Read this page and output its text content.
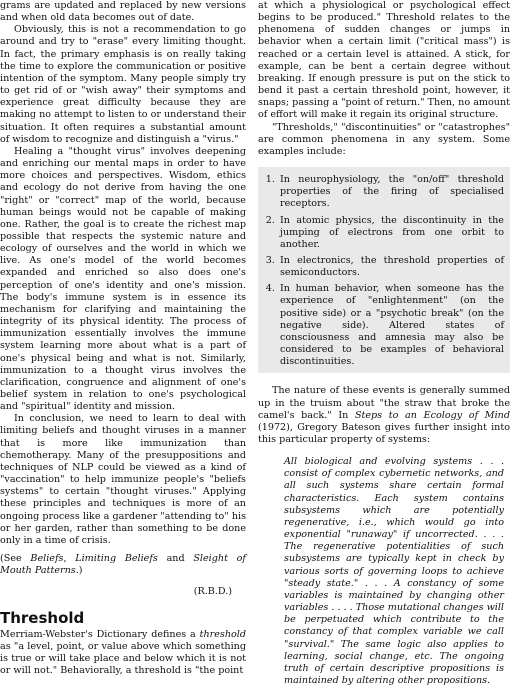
grams are updated and replaced by new versions and when old data becomes out of date.

Obviously, this is not a recommendation to go around and try to "erase" every limiting thought. In fact, the primary emphasis is on really taking the time to explore the communication or positive intention of the symptom. Many people simply try to get rid of or "wish away" their symptoms and experience great difficulty because they are making no attempt to listen to or understand their situation. It often requires a substantial amount of wisdom to recognize and distinguish a "virus."

Healing a "thought virus" involves deepening and enriching our mental maps in order to have more choices and perspectives. Wisdom, ethics and ecology do not derive from having the one "right" or "correct" map of the world, because human beings would not be capable of making one. Rather, the goal is to create the richest map possible that respects the systemic nature and ecology of ourselves and the world in which we live. As one's model of the world becomes expanded and enriched so also does one's perception of one's identity and one's mission. The body's immune system is in essence its mechanism for clarifying and maintaining the integrity of its physical identity. The process of immunization essentially involves the immune system learning more about what is a part of one's physical being and what is not. Similarly, immunization to a thought virus involves the clarification, congruence and alignment of one's belief system in relation to one's psychological and "spiritual" identity and mission.

In conclusion, we need to learn to deal with limiting beliefs and thought viruses in a manner that is more like immunization than chemotherapy. Many of the presuppositions and techniques of NLP could be viewed as a kind of "vaccination" to help immunize people's "beliefs systems" to certain "thought viruses." Applying these principles and techniques is more of an ongoing process like a gardener "attending to" his or her garden, rather than something to be done only in a time of crisis.

(See Beliefs, Limiting Beliefs and Sleight of Mouth Patterns.)

(R.B.D.)
Threshold

Merriam-Webster's Dictionary defines a threshold as "a level, point, or value above which something is true or will take place and below which it is not or will not." Behaviorally, a threshold is "the point

at which a physiological or psychological effect begins to be produced." Threshold relates to the phenomena of sudden changes or jumps in behavior when a certain limit ("critical mass") is reached or a certain level is attained. A stick, for example, can be bent a certain degree without breaking. If enough pressure is put on the stick to bend it past a certain threshold point, however, it snaps; passing a "point of return." Then, no amount of effort will make it regain its original structure.

"Thresholds," "discontinuities" or "catastrophes" are common phenomena in any system. Some examples include:

1. In neurophysiology, the "on/off" threshold properties of the firing of specialised receptors.
2. In atomic physics, the discontinuity in the jumping of electrons from one orbit to another.
3. In electronics, the threshold properties of semiconductors.
4. In human behavior, when someone has the experience of "enlightenment" (on the positive side) or a "psychotic break" (on the negative side). Altered states of consciousness and amnesia may also be considered to be examples of behavioral discontinuities.

The nature of these events is generally summed up in the truism about "the straw that broke the camel's back." In Steps to an Ecology of Mind (1972), Gregory Bateson gives further insight into this particular property of systems:

All biological and evolving systems . . . consist of complex cybernetic networks, and all such systems share certain formal characteristics. Each system contains subsystems which are potentially regenerative, i.e., which would go into exponential "runaway" if uncorrected. . . . The regenerative potentialities of such subsystems are typically kept in check by various sorts of governing loops to achieve "steady state." . . . A constancy of some variables is maintained by changing other variables . . . . Those mutational changes will be perpetuated which contribute to the constancy of that complex variable we call "survival." The same logic also applies to learning, social change, etc. The ongoing truth of certain descriptive propositions is maintained by altering other propositions.
